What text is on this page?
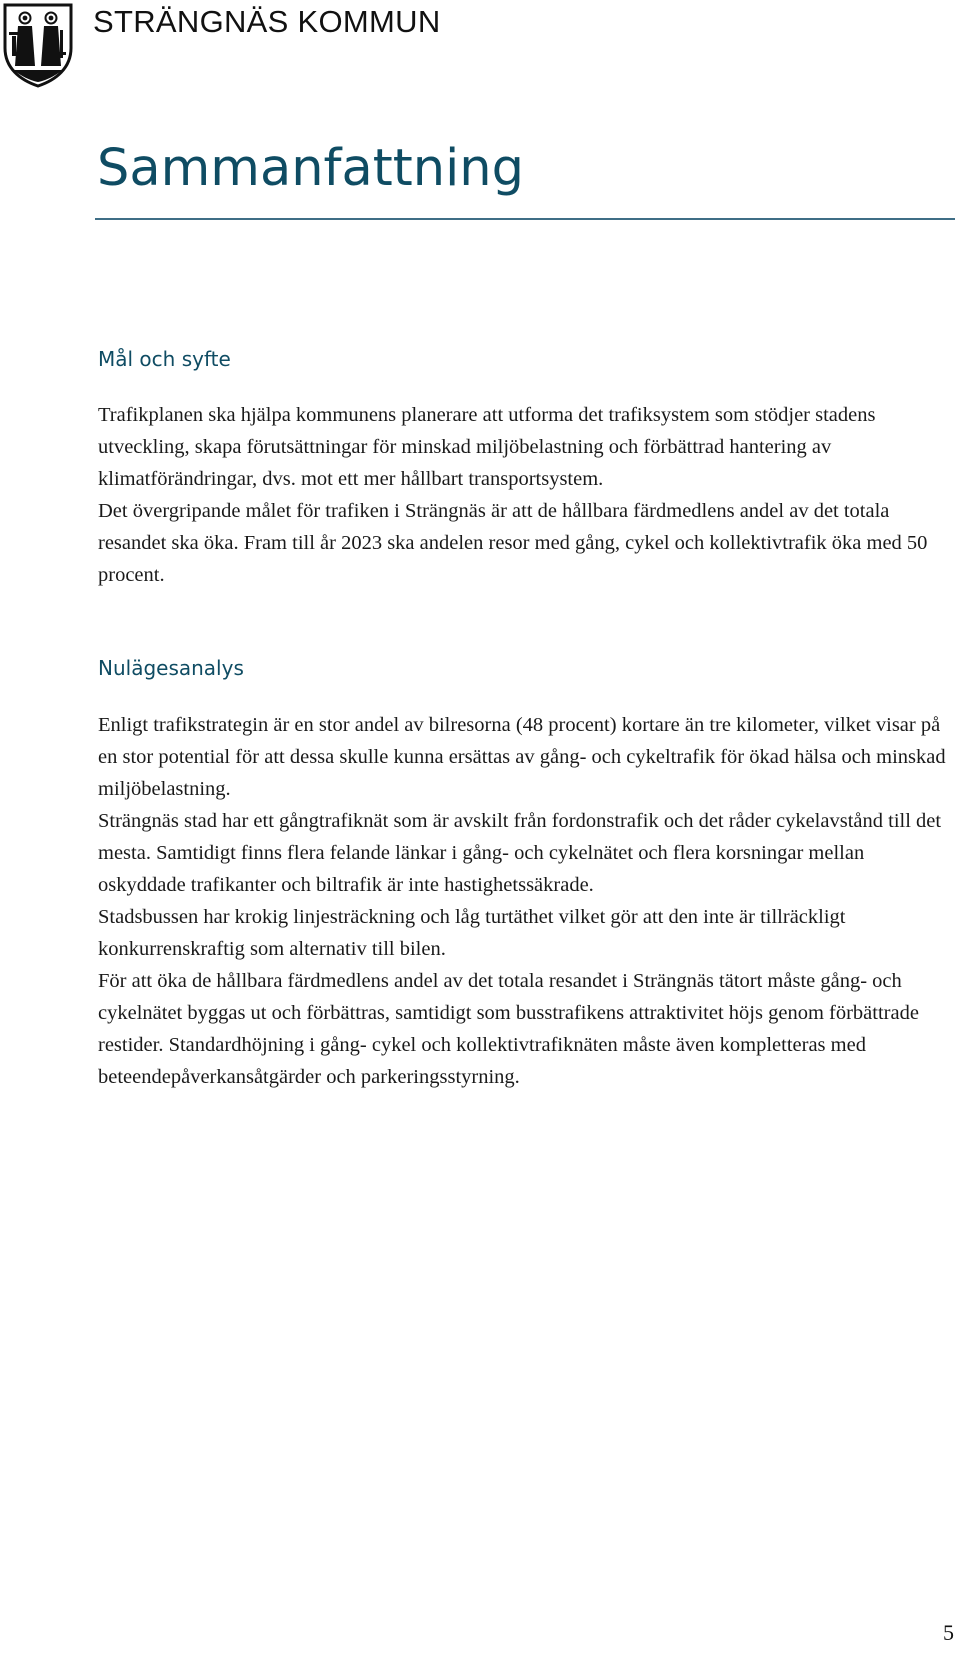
STRÄNGNÄS KOMMUN
Sammanfattning
Mål och syfte

Trafikplanen ska hjälpa kommunens planerare att utforma det trafiksystem som stödjer stadens utveckling, skapa förutsättningar för minskad miljöbelastning och förbättrad hantering av klimatförändringar, dvs. mot ett mer hållbart transportsystem.

Det övergripande målet för trafiken i Strängnäs är att de hållbara färdmedlens andel av det totala resandet ska öka. Fram till år 2023 ska andelen resor med gång, cykel och kollektivtrafik öka med 50 procent.

Nulägesanalys

Enligt trafikstrategin är en stor andel av bilresorna (48 procent) kortare än tre kilometer, vilket visar på en stor potential för att dessa skulle kunna ersättas av gång- och cykeltrafik för ökad hälsa och minskad miljöbelastning.

Strängnäs stad har ett gångtrafiknät som är avskilt från fordonstrafik och det råder cykelavstånd till det mesta. Samtidigt finns flera felande länkar i gång- och cykelnätet och flera korsningar mellan oskyddade trafikanter och biltrafik är inte hastighetssäkrade.

Stadsbussen har krokig linjesträckning och låg turtäthet vilket gör att den inte är tillräckligt konkurrenskraftig som alternativ till bilen.

För att öka de hållbara färdmedlens andel av det totala resandet i Strängnäs tätort måste gång- och cykelnätet byggas ut och förbättras, samtidigt som busstrafikens attraktivitet höjs genom förbättrade restider. Standardhöjning i gång- cykel och kollektivtrafiknäten måste även kompletteras med beteendepåverkansåtgärder och parkeringsstyrning.

5
